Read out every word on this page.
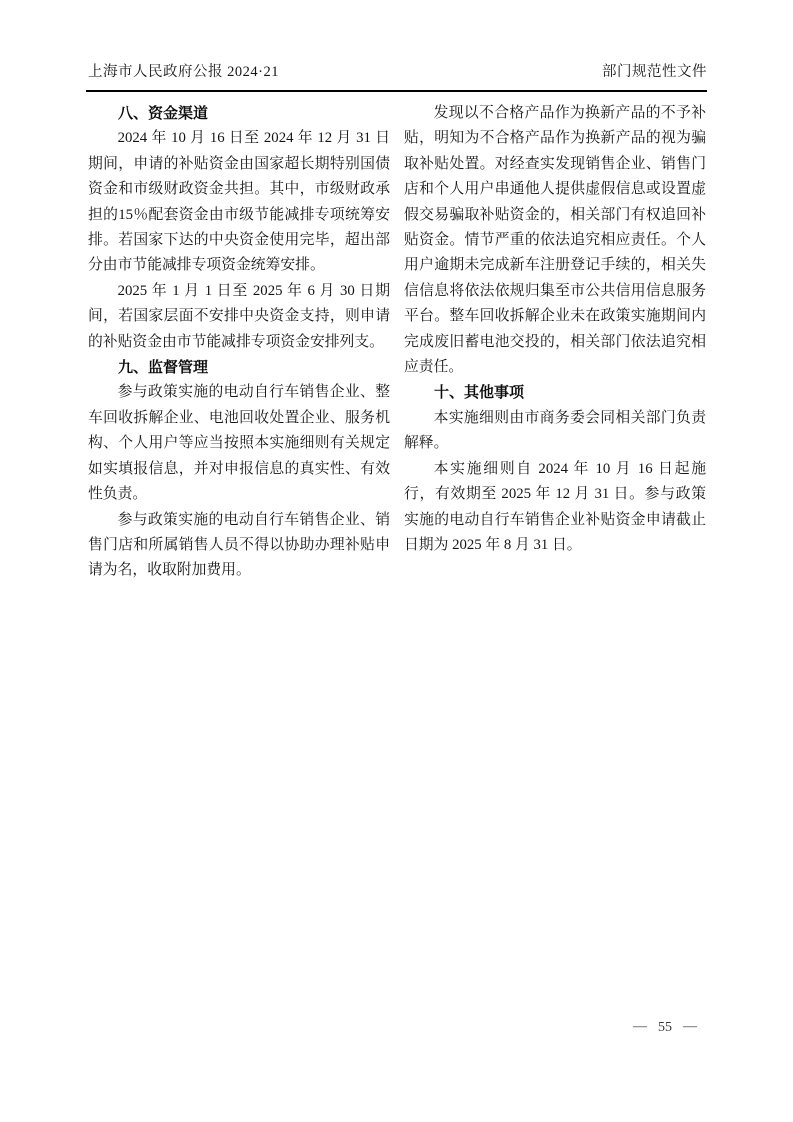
上海市人民政府公报 2024·21	部门规范性文件
八、资金渠道

2024 年 10 月 16 日至 2024 年 12 月 31 日期间，申请的补贴资金由国家超长期特别国债资金和市级财政资金共担。其中，市级财政承担的15％配套资金由市级节能减排专项统筹安排。若国家下达的中央资金使用完毕，超出部分由市节能减排专项资金统筹安排。

2025 年 1 月 1 日至 2025 年 6 月 30 日期间，若国家层面不安排中央资金支持，则申请的补贴资金由市节能减排专项资金安排列支。

九、监督管理

参与政策实施的电动自行车销售企业、整车回收拆解企业、电池回收处置企业、服务机构、个人用户等应当按照本实施细则有关规定如实填报信息，并对申报信息的真实性、有效性负责。

参与政策实施的电动自行车销售企业、销售门店和所属销售人员不得以协助办理补贴申请为名，收取附加费用。

发现以不合格产品作为换新产品的不予补贴，明知为不合格产品作为换新产品的视为骗取补贴处置。对经查实发现销售企业、销售门店和个人用户串通他人提供虚假信息或设置虚假交易骗取补贴资金的，相关部门有权追回补贴资金。情节严重的依法追究相应责任。个人用户逾期未完成新车注册登记手续的，相关失信信息将依法依规归集至市公共信用信息服务平台。整车回收拆解企业未在政策实施期间内完成废旧蓄电池交投的，相关部门依法追究相应责任。

十、其他事项

本实施细则由市商务委会同相关部门负责解释。

本实施细则自 2024 年 10 月 16 日起施行，有效期至 2025 年 12 月 31 日。参与政策实施的电动自行车销售企业补贴资金申请截止日期为 2025 年 8 月 31 日。

— 55 —
